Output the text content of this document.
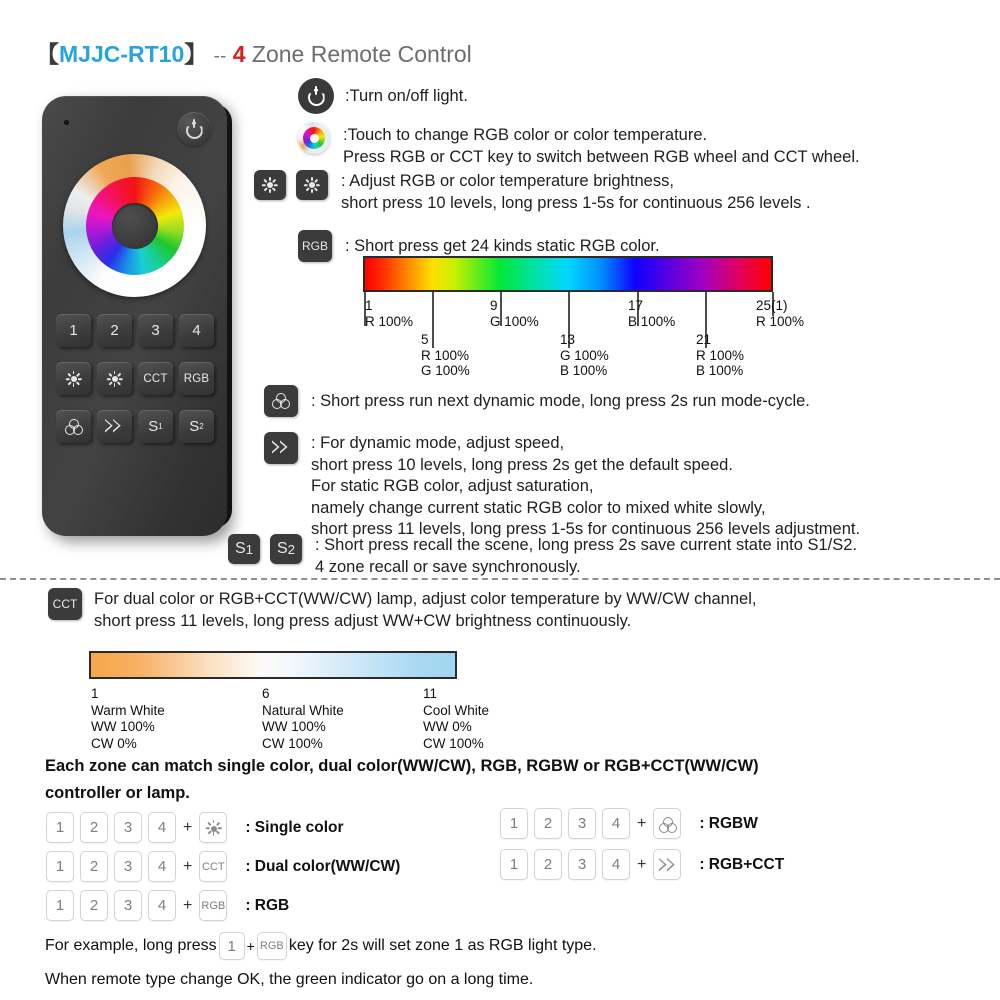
【MJJC-RT10】 -- 4 Zone Remote Control
1	2	3	4
CCT	RGB
S 1 S 2
:Turn on/off light.
:Touch to change RGB color or color temperature.
Press RGB or CCT key to switch between RGB wheel and CCT wheel.
: Adjust RGB or color temperature brightness,
short press 10 levels, long press 1-5s for continuous 256 levels .
RGB : Short press get 24 kinds static RGB color.
1
R 100%
5
R 100%
G 100%
9
G 100%
13
G 100%
B 100%
17
B 100%
21
R 100%
B 100%
25(1)
R 100%
: Short press run next dynamic mode, long press 2s run mode-cycle.
: For dynamic mode, adjust speed,
short press 10 levels, long press 2s get the default speed.
For static RGB color, adjust saturation,
namely change current static RGB color to mixed white slowly,
short press 11 levels, long press 1-5s for continuous 256 levels adjustment.
S 1 S 2 : Short press recall the scene, long press 2s save current state into S1/S2.
4 zone recall or save synchronously.
CCT For dual color or RGB+CCT(WW/CW) lamp, adjust color temperature by WW/CW channel,
short press 11 levels, long press adjust WW+CW brightness continuously.
1
Warm White
WW 100%
CW 0%
6
Natural White
WW 100%
CW 100%
11
Cool White
WW 0%
CW 100%
Each zone can match single color, dual color(WW/CW), RGB, RGBW or RGB+CCT(WW/CW)
controller or lamp.
1	2	3	4	+	: Single color
1	2	3	4	+ CCT : Dual color(WW/CW)
1	2	3	4	+ RGB : RGB
1	2	3	4	+	: RGBW
1	2	3	4	+	: RGB+CCT
For example, long press 1 + RGB key for 2s will set zone 1 as RGB light type.
When remote type change OK, the green indicator go on a long time.
